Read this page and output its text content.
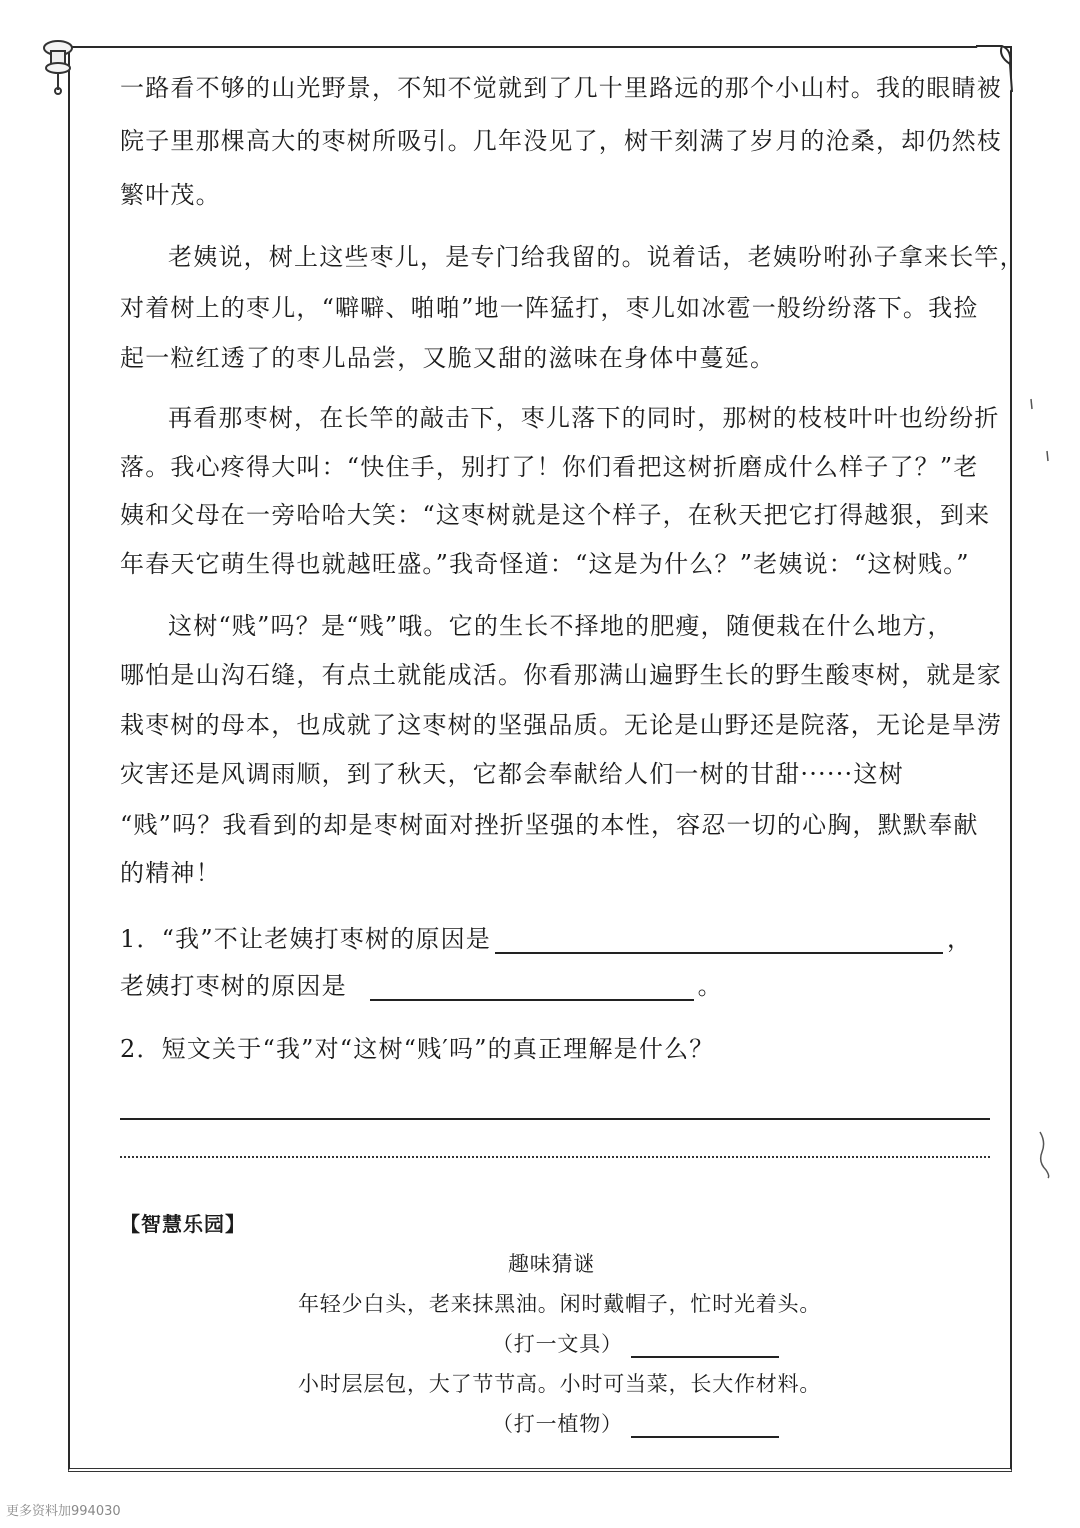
一路看不够的山光野景，不知不觉就到了几十里路远的那个小山村。我的眼睛被

院子里那棵高大的枣树所吸引。几年没见了，树干刻满了岁月的沧桑，却仍然枝

繁叶茂。

老姨说，树上这些枣儿，是专门给我留的。说着话，老姨吩咐孙子拿来长竿，

对着树上的枣儿，“噼噼、啪啪”地一阵猛打，枣儿如冰雹一般纷纷落下。我捡

起一粒红透了的枣儿品尝，又脆又甜的滋味在身体中蔓延。

再看那枣树，在长竿的敲击下，枣儿落下的同时，那树的枝枝叶叶也纷纷折

落。我心疼得大叫：“快住手，别打了！你们看把这树折磨成什么样子了？”老

姨和父母在一旁哈哈大笑：“这枣树就是这个样子，在秋天把它打得越狠，到来

年春天它萌生得也就越旺盛。”我奇怪道：“这是为什么？”老姨说：“这树贱。”

这树“贱”吗？是“贱”哦。它的生长不择地的肥瘦，随便栽在什么地方，

哪怕是山沟石缝，有点土就能成活。你看那满山遍野生长的野生酸枣树，就是家

栽枣树的母本，也成就了这枣树的坚强品质。无论是山野还是院落，无论是旱涝

灾害还是风调雨顺，到了秋天，它都会奉献给人们一树的甘甜······这树

“贱”吗？我看到的却是枣树面对挫折坚强的本性，容忍一切的心胸，默默奉献

的精神！

1．“我”不让老姨打枣树的原因是	，

老姨打枣树的原因是	。

2．短文关于“我”对“这树“贱′吗”的真正理解是什么？

【智慧乐园】
趣味猜谜
年轻少白头，老来抹黑油。闲时戴帽子，忙时光着头。
（打一文具）
小时层层包，大了节节高。小时可当菜，长大作材料。
（打一植物）
更多资料加994030
